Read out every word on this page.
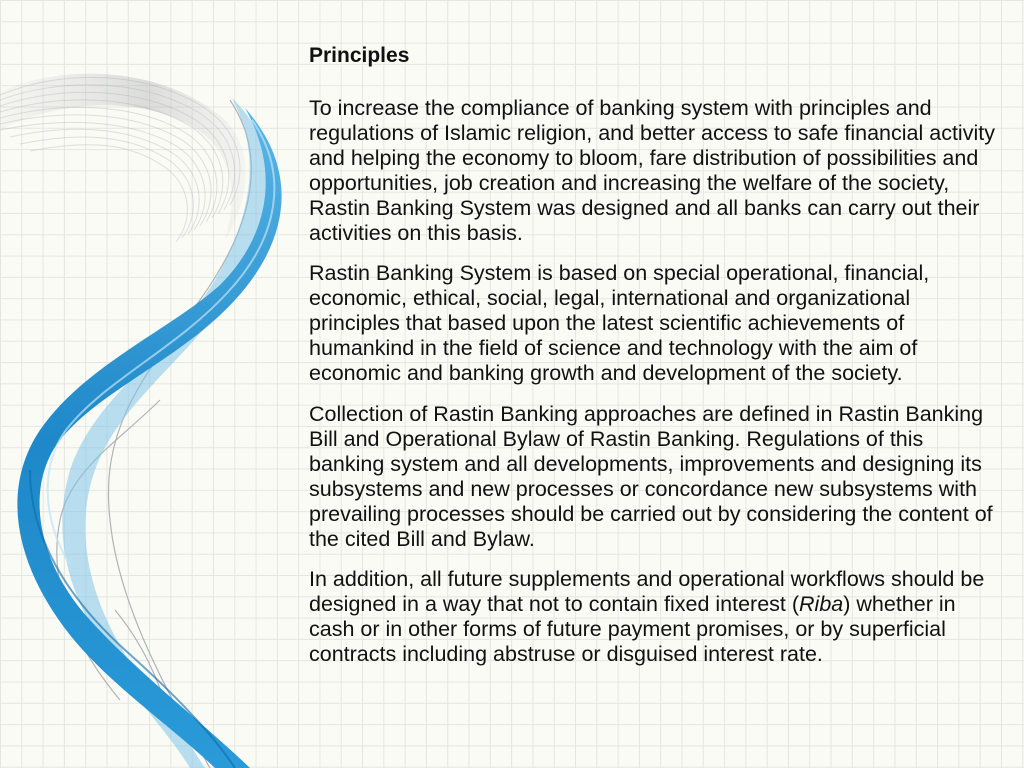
Principles

To increase the compliance of banking system with principles and regulations of Islamic religion, and better access to safe financial activity and helping the economy to bloom, fare distribution of possibilities and opportunities, job creation and increasing the welfare of the society, Rastin Banking System was designed and all banks can carry out their activities on this basis.

Rastin Banking System is based on special operational, financial, economic, ethical, social, legal, international and organizational principles that based upon the latest scientific achievements of humankind in the field of science and technology with the aim of economic and banking growth and development of the society.

Collection of Rastin Banking approaches are defined in Rastin Banking Bill and Operational Bylaw of Rastin Banking. Regulations of this banking system and all developments, improvements and designing its subsystems and new processes or concordance new subsystems with prevailing processes should be carried out by considering the content of the cited Bill and Bylaw.

In addition, all future supplements and operational workflows should be designed in a way that not to contain fixed interest (Riba) whether in cash or in other forms of future payment promises, or by superficial contracts including abstruse or disguised interest rate.
